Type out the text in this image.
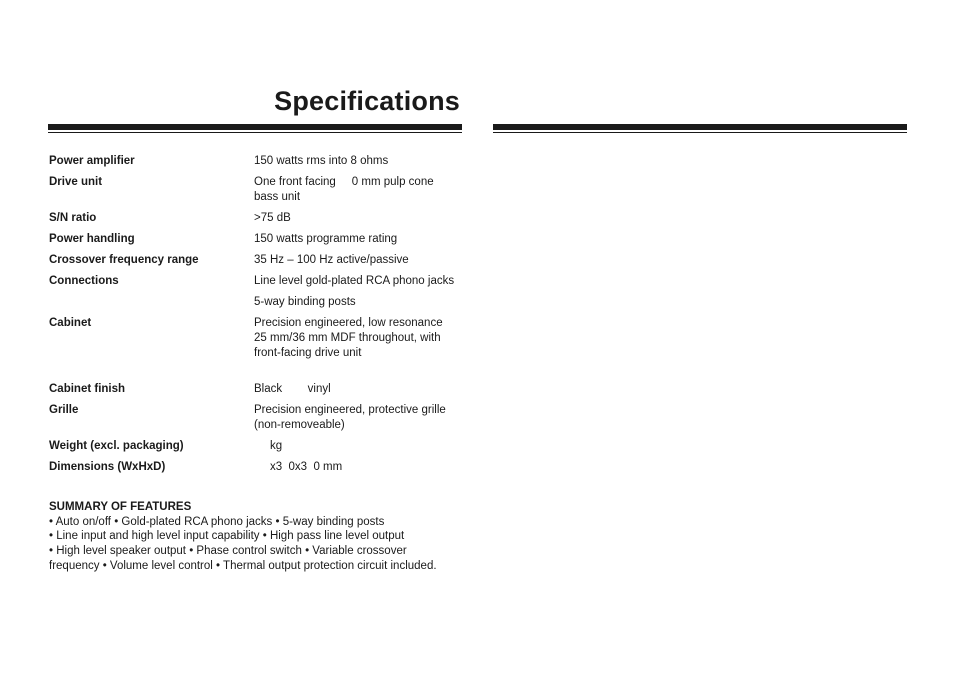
Specifications
Power amplifier	150 watts rms into 8 ohms
Drive unit	One front facing     0 mm pulp cone
bass unit
S/N ratio	>75 dB
Power handling	150 watts programme rating
Crossover frequency range	35 Hz – 100 Hz active/passive
Connections	Line level gold-plated RCA phono jacks
5-way binding posts
Cabinet	Precision engineered, low resonance
25 mm/36 mm MDF throughout, with
front-facing drive unit
Cabinet finish	Black        vinyl
Grille	Precision engineered, protective grille
(non-removeable)
Weight (excl. packaging)	kg
Dimensions (WxHxD)	x3  0x3  0 mm
SUMMARY OF FEATURES
• Auto on/off • Gold-plated RCA phono jacks • 5-way binding posts
• Line input and high level input capability • High pass line level output
• High level speaker output • Phase control switch • Variable crossover
frequency • Volume level control • Thermal output protection circuit included.
